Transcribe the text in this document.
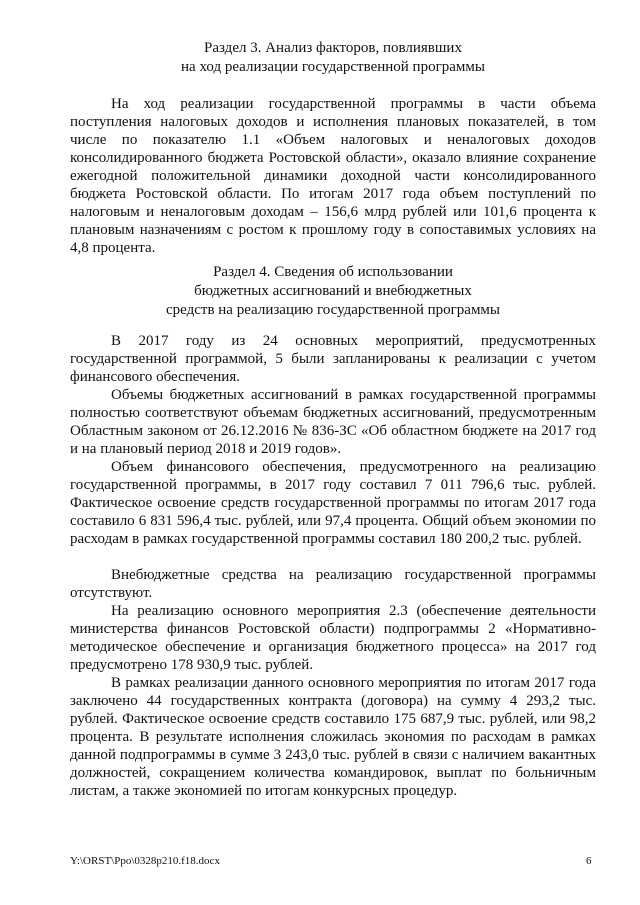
Раздел 3. Анализ факторов, повлиявших
на ход реализации государственной программы

На ход реализации государственной программы в части объема поступления налоговых доходов и исполнения плановых показателей, в том числе по показателю 1.1 «Объем налоговых и неналоговых доходов консолидированного бюджета Ростовской области», оказало влияние сохранение ежегодной положительной динамики доходной части консолидированного бюджета Ростовской области. По итогам 2017 года объем поступлений по налоговым и неналоговым доходам – 156,6 млрд рублей или 101,6 процента к плановым назначениям с ростом к прошлому году в сопоставимых условиях на 4,8 процента.

Раздел 4. Сведения об использовании
бюджетных ассигнований и внебюджетных
средств на реализацию государственной программы

В 2017 году из 24 основных мероприятий, предусмотренных государственной программой, 5 были запланированы к реализации с учетом финансового обеспечения.

Объемы бюджетных ассигнований в рамках государственной программы полностью соответствуют объемам бюджетных ассигнований, предусмотренным Областным законом от 26.12.2016 № 836-ЗС «Об областном бюджете на 2017 год и на плановый период 2018 и 2019 годов».

Объем финансового обеспечения, предусмотренного на реализацию государственной программы, в 2017 году составил 7 011 796,6 тыс. рублей. Фактическое освоение средств государственной программы по итогам 2017 года составило 6 831 596,4 тыс. рублей, или 97,4 процента. Общий объем экономии по расходам в рамках государственной программы составил 180 200,2 тыс. рублей.

Внебюджетные средства на реализацию государственной программы отсутствуют.

На реализацию основного мероприятия 2.3 (обеспечение деятельности министерства финансов Ростовской области) подпрограммы 2 «Нормативно-методическое обеспечение и организация бюджетного процесса» на 2017 год предусмотрено 178 930,9 тыс. рублей.

В рамках реализации данного основного мероприятия по итогам 2017 года заключено 44 государственных контракта (договора) на сумму 4 293,2 тыс. рублей. Фактическое освоение средств составило 175 687,9 тыс. рублей, или 98,2 процента. В результате исполнения сложилась экономия по расходам в рамках данной подпрограммы в сумме 3 243,0 тыс. рублей в связи с наличием вакантных должностей, сокращением количества командировок, выплат по больничным листам, а также экономией по итогам конкурсных процедур.

Y:\ORST\Ppo\0328p210.f18.docx	6
